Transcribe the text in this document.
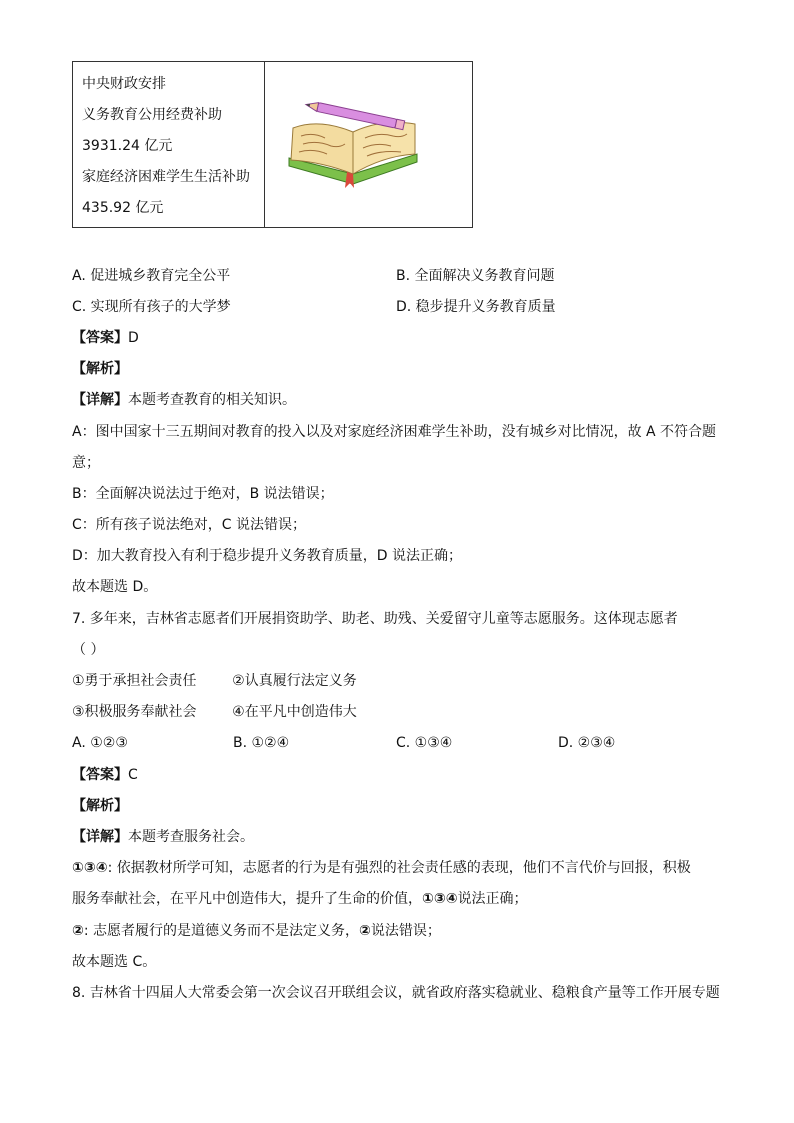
中央财政安排
义务教育公用经费补助
3931.24 亿元
家庭经济困难学生生活补助
435.92 亿元
A. 促进城乡教育完全公平	B. 全面解决义务教育问题
C. 实现所有孩子的大学梦	D. 稳步提升义务教育质量
【答案】D
【解析】
【详解】本题考查教育的相关知识。
A：图中国家十三五期间对教育的投入以及对家庭经济困难学生补助，没有城乡对比情况，故 A 不符合题
意；
B：全面解决说法过于绝对，B 说法错误；
C：所有孩子说法绝对，C 说法错误；
D：加大教育投入有利于稳步提升义务教育质量，D 说法正确；
故本题选 D。
7. 多年来，吉林省志愿者们开展捐资助学、助老、助残、关爱留守儿童等志愿服务。这体现志愿者
（ ）
①勇于承担社会责任        ②认真履行法定义务
③积极服务奉献社会        ④在平凡中创造伟大
A. ①②③	B. ①②④	C. ①③④	D. ②③④
【答案】C
【解析】
【详解】本题考查服务社会。
①③④: 依据教材所学可知，志愿者的行为是有强烈的社会责任感的表现，他们不言代价与回报，积极
服务奉献社会，在平凡中创造伟大，提升了生命的价值，①③④说法正确；
②: 志愿者履行的是道德义务而不是法定义务，②说法错误；
故本题选 C。
8. 吉林省十四届人大常委会第一次会议召开联组会议，就省政府落实稳就业、稳粮食产量等工作开展专题
